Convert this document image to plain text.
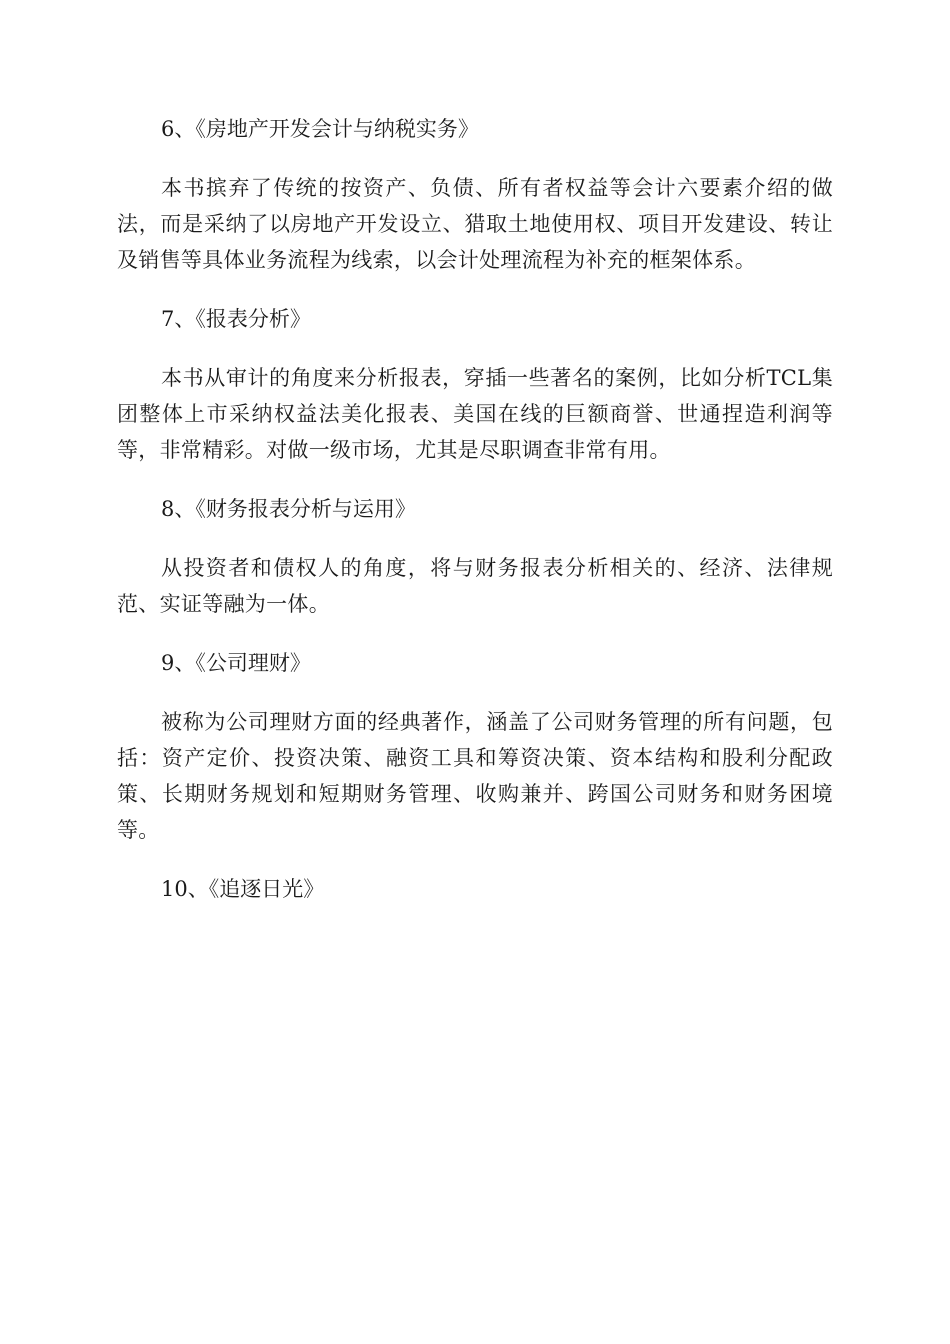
6、《房地产开发会计与纳税实务》

本书摈弃了传统的按资产、负债、所有者权益等会计六要素介绍的做法，而是采纳了以房地产开发设立、猎取土地使用权、项目开发建设、转让及销售等具体业务流程为线索，以会计处理流程为补充的框架体系。

7、《报表分析》

本书从审计的角度来分析报表，穿插一些著名的案例，比如分析TCL集团整体上市采纳权益法美化报表、美国在线的巨额商誉、世通捏造利润等等，非常精彩。对做一级市场，尤其是尽职调查非常有用。

8、《财务报表分析与运用》

从投资者和债权人的角度，将与财务报表分析相关的、经济、法律规范、实证等融为一体。

9、《公司理财》

被称为公司理财方面的经典著作，涵盖了公司财务管理的所有问题，包括：资产定价、投资决策、融资工具和筹资决策、资本结构和股利分配政策、长期财务规划和短期财务管理、收购兼并、跨国公司财务和财务困境等。

10、《追逐日光》
